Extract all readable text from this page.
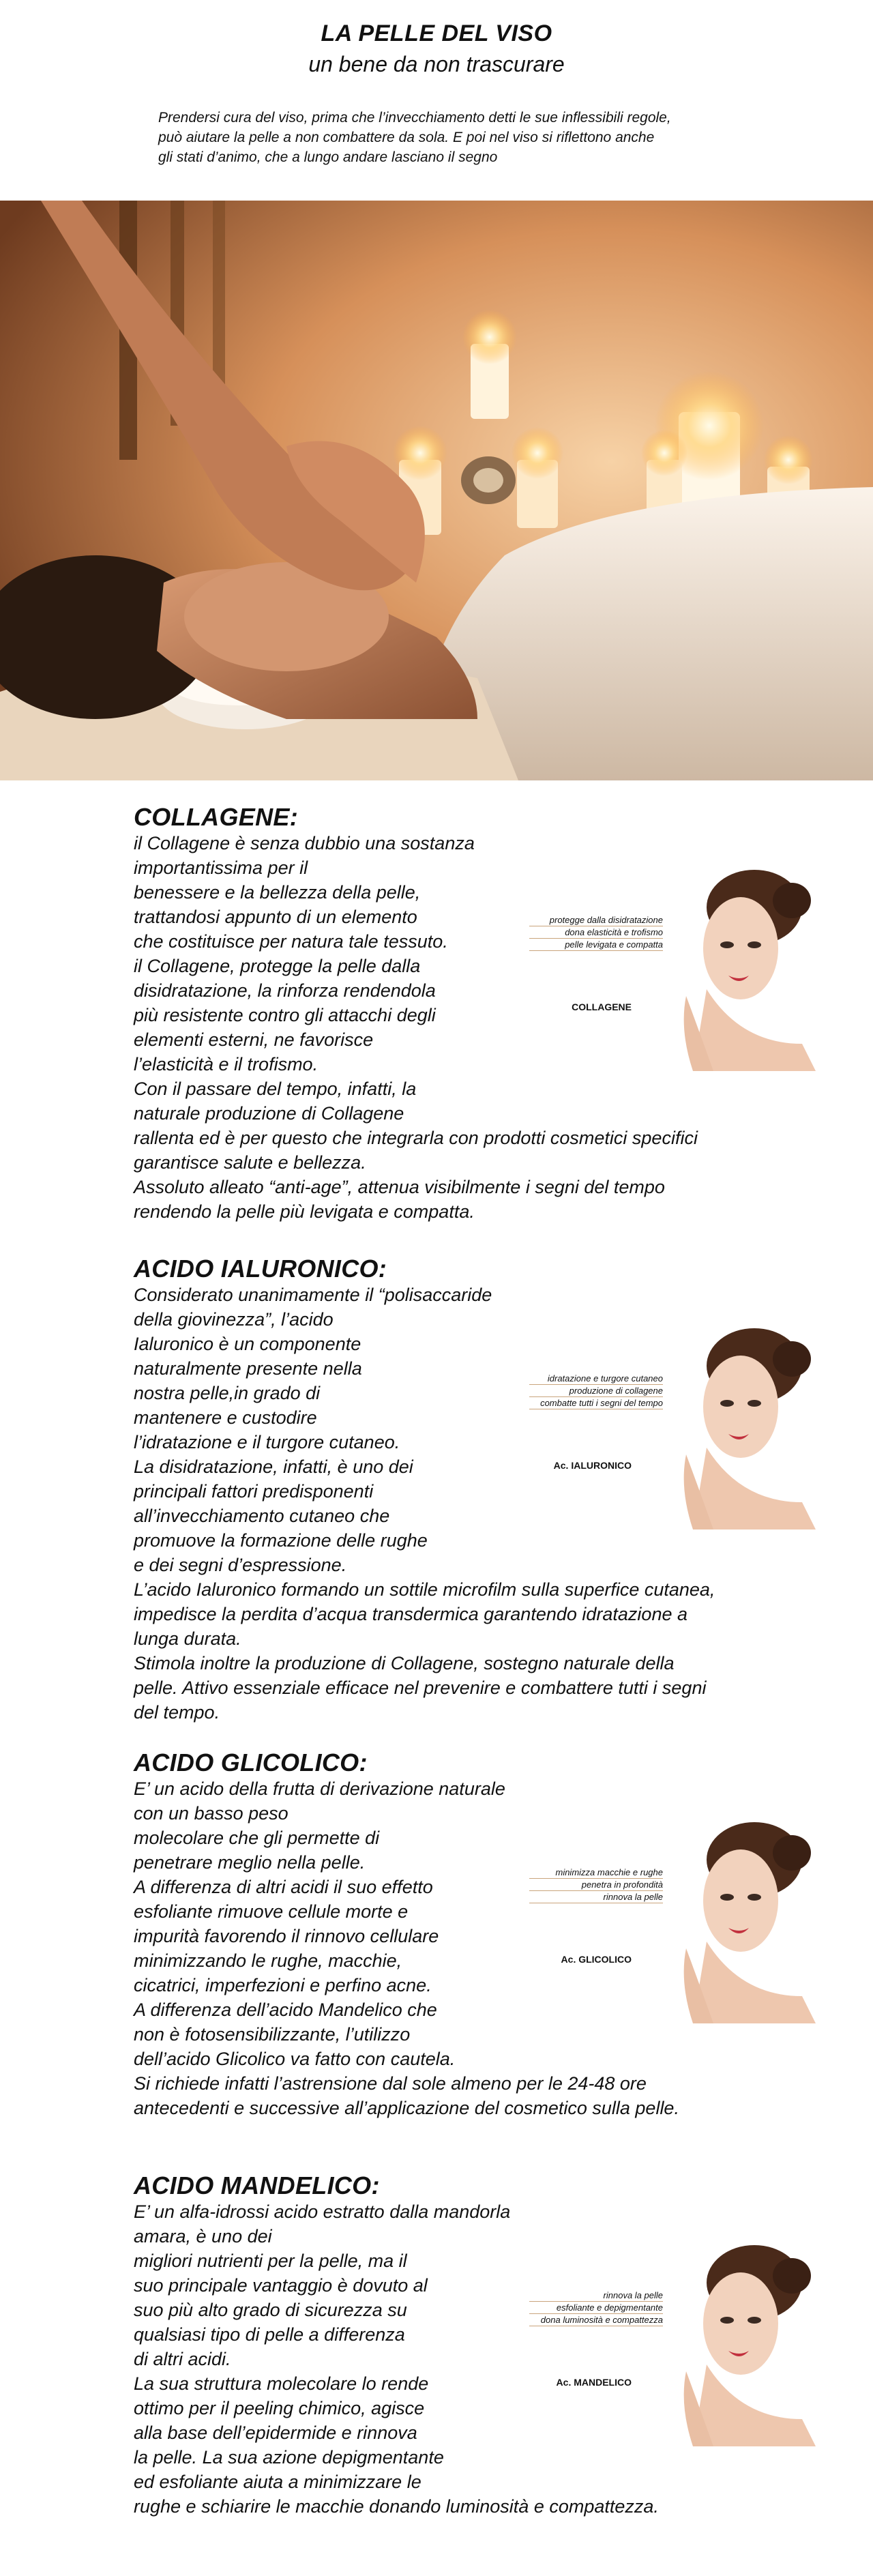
LA PELLE DEL VISO
un bene da non trascurare
Prendersi cura del viso, prima che l’invecchiamento detti le sue inflessibili regole,
può aiutare la pelle a non combattere da sola. E poi nel viso si riflettono anche
gli stati d’animo, che a lungo andare lasciano il segno
COLLAGENE:
protegge dalla disidratazione
dona elasticità e trofismo
pelle levigata e compatta
COLLAGENE

il Collagene è senza dubbio una sostanza importantissima per il
benessere e la bellezza della pelle,
trattandosi appunto di un elemento
che costituisce per natura tale tessuto.
il Collagene, protegge la pelle dalla
disidratazione, la rinforza rendendola
più resistente contro gli attacchi degli
elementi esterni, ne favorisce
l’elasticità e il trofismo.
Con il passare del tempo, infatti, la
naturale produzione di Collagene
rallenta ed è per questo che integrarla con prodotti cosmetici specifici
garantisce salute e bellezza.
Assoluto alleato “anti-age”, attenua visibilmente i segni del tempo
rendendo la pelle più levigata e compatta.

ACIDO IALURONICO:
idratazione e turgore cutaneo
produzione di collagene
combatte tutti i segni del tempo
Ac. IALURONICO

Considerato unanimamente il “polisaccaride della giovinezza”, l’acido
Ialuronico è un componente
naturalmente presente nella
nostra pelle,in grado di
mantenere e custodire
l’idratazione e il turgore cutaneo.
La disidratazione, infatti, è uno dei
principali fattori predisponenti
all’invecchiamento cutaneo che
promuove la formazione delle rughe
e dei segni d’espressione.
L’acido Ialuronico formando un sottile microfilm sulla superfice cutanea,
impedisce la perdita d’acqua transdermica garantendo idratazione a
lunga durata.
Stimola inoltre la produzione di Collagene, sostegno naturale della
pelle. Attivo essenziale efficace nel prevenire e combattere tutti i segni
del tempo.

ACIDO GLICOLICO:
minimizza macchie e rughe
penetra in profondità
rinnova la pelle
Ac. GLICOLICO

E’ un acido della frutta di derivazione naturale con un basso peso
molecolare che gli permette di
penetrare meglio nella pelle.
A differenza di altri acidi il suo effetto
esfoliante rimuove cellule morte e
impurità favorendo il rinnovo cellulare
minimizzando le rughe, macchie,
cicatrici, imperfezioni e perfino acne.
A differenza dell’acido Mandelico che
non è fotosensibilizzante, l’utilizzo
dell’acido Glicolico va fatto con cautela.
Si richiede infatti l’astrensione dal sole almeno per le 24-48 ore
antecedenti e successive all’applicazione del cosmetico sulla pelle.

ACIDO MANDELICO:
rinnova la pelle
esfoliante e depigmentante
dona luminosità e compattezza
Ac. MANDELICO

E’ un alfa-idrossi acido estratto dalla mandorla amara, è uno dei
migliori nutrienti per la pelle, ma il
suo principale vantaggio è dovuto al
suo più alto grado di sicurezza su
qualsiasi tipo di pelle a differenza
di altri acidi.
La sua struttura molecolare lo rende
ottimo per il peeling chimico, agisce
alla base dell’epidermide e rinnova
la pelle. La sua azione depigmentante
ed esfoliante aiuta a minimizzare le
rughe e schiarire le macchie donando luminosità e compattezza.
